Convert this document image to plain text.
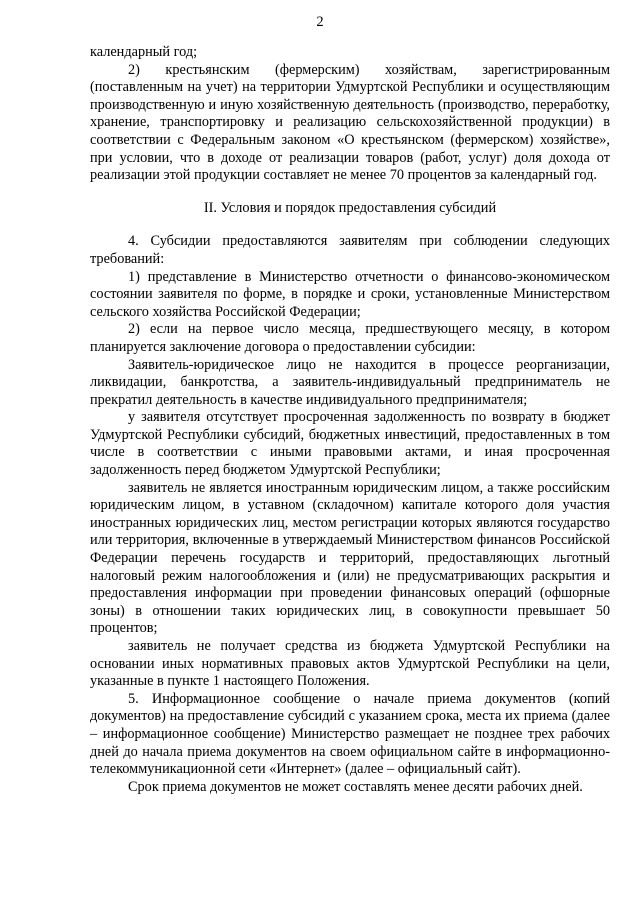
2

календарный год;

2) крестьянским (фермерским) хозяйствам, зарегистрированным (поставленным на учет) на территории Удмуртской Республики и осуществляющим производственную и иную хозяйственную деятельность (производство, переработку, хранение, транспортировку и реализацию сельскохозяйственной продукции) в соответствии с Федеральным законом «О крестьянском (фермерском) хозяйстве», при условии, что в доходе от реализации товаров (работ, услуг) доля дохода от реализации этой продукции составляет не менее 70 процентов за календарный год.

II. Условия и порядок предоставления субсидий

4. Субсидии предоставляются заявителям при соблюдении следующих требований:

1) представление в Министерство отчетности о финансово-экономическом состоянии заявителя по форме, в порядке и сроки, установленные Министерством сельского хозяйства Российской Федерации;

2) если на первое число месяца, предшествующего месяцу, в котором планируется заключение договора о предоставлении субсидии:

Заявитель-юридическое лицо не находится в процессе реорганизации, ликвидации, банкротства, а заявитель-индивидуальный предприниматель не прекратил деятельность в качестве индивидуального предпринимателя;

у заявителя отсутствует просроченная задолженность по возврату в бюджет Удмуртской Республики субсидий, бюджетных инвестиций, предоставленных в том числе в соответствии с иными правовыми актами, и иная просроченная задолженность перед бюджетом Удмуртской Республики;

заявитель не является иностранным юридическим лицом, а также российским юридическим лицом, в уставном (складочном) капитале которого доля участия иностранных юридических лиц, местом регистрации которых являются государство или территория, включенные в утверждаемый Министерством финансов Российской Федерации перечень государств и территорий, предоставляющих льготный налоговый режим налогообложения и (или) не предусматривающих раскрытия и предоставления информации при проведении финансовых операций (офшорные зоны) в отношении таких юридических лиц, в совокупности превышает 50 процентов;

заявитель не получает средства из бюджета Удмуртской Республики на основании иных нормативных правовых актов Удмуртской Республики на цели, указанные в пункте 1 настоящего Положения.

5. Информационное сообщение о начале приема документов (копий документов) на предоставление субсидий с указанием срока, места их приема (далее – информационное сообщение) Министерство размещает не позднее трех рабочих дней до начала приема документов на своем официальном сайте в информационно-телекоммуникационной сети «Интернет» (далее – официальный сайт).

Срок приема документов не может составлять менее десяти рабочих дней.
